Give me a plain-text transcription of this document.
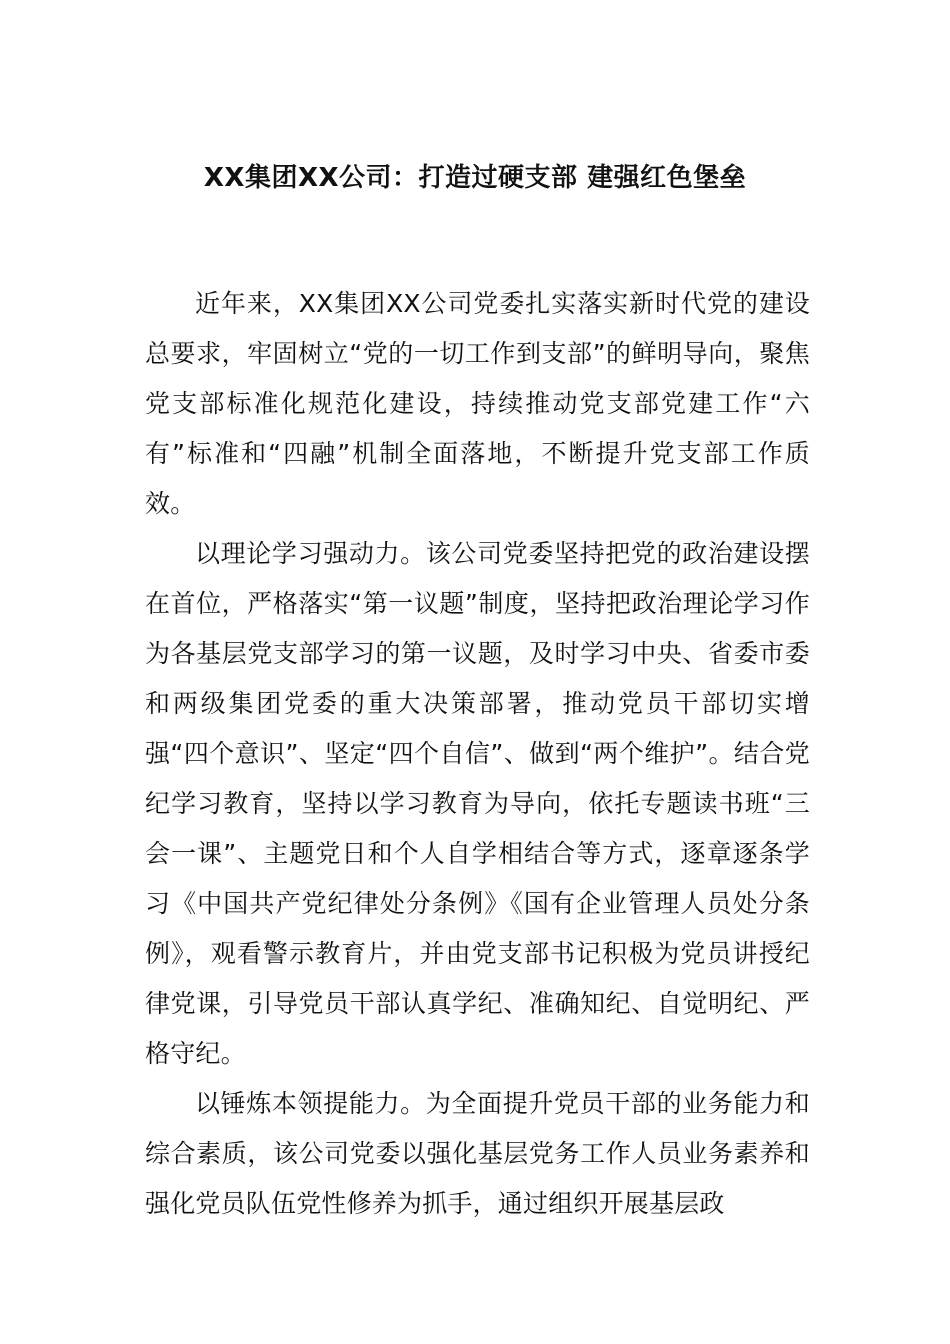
XX集团XX公司：打造过硬支部 建强红色堡垒

近年来，XX集团XX公司党委扎实落实新时代党的建设总要求，牢固树立“党的一切工作到支部”的鲜明导向，聚焦党支部标准化规范化建设，持续推动党支部党建工作“六有”标准和“四融”机制全面落地，不断提升党支部工作质效。

以理论学习强动力。该公司党委坚持把党的政治建设摆在首位，严格落实“第一议题”制度，坚持把政治理论学习作为各基层党支部学习的第一议题，及时学习中央、省委市委和两级集团党委的重大决策部署，推动党员干部切实增强“四个意识”、坚定“四个自信”、做到“两个维护”。结合党纪学习教育，坚持以学习教育为导向，依托专题读书班“三会一课”、主题党日和个人自学相结合等方式，逐章逐条学习《中国共产党纪律处分条例》《国有企业管理人员处分条例》，观看警示教育片，并由党支部书记积极为党员讲授纪律党课，引导党员干部认真学纪、准确知纪、自觉明纪、严格守纪。

以锤炼本领提能力。为全面提升党员干部的业务能力和综合素质，该公司党委以强化基层党务工作人员业务素养和强化党员队伍党性修养为抓手，通过组织开展基层政
